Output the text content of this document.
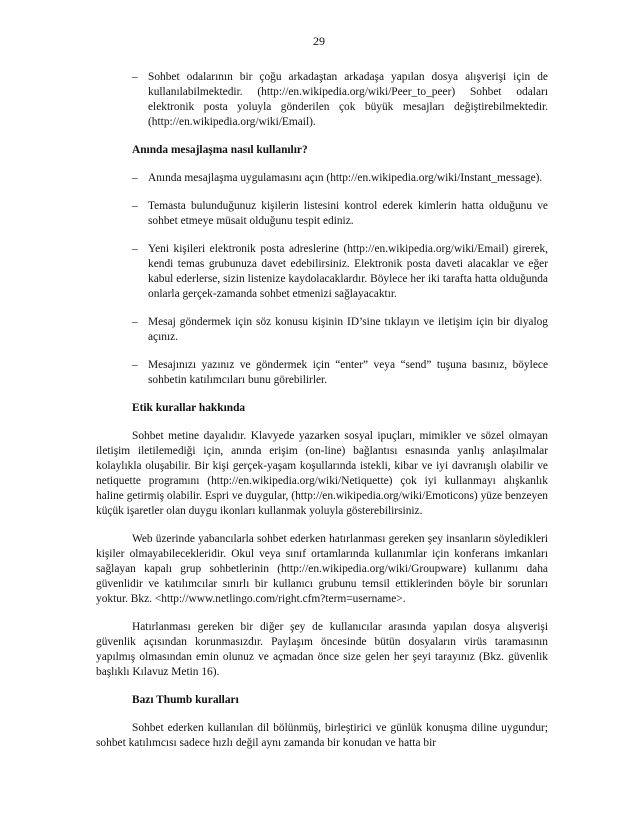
29
– Sohbet odalarının bir çoğu arkadaştan arkadaşa yapılan dosya alışverişi için de kullanılabilmektedir. (http://en.wikipedia.org/wiki/Peer_to_peer) Sohbet odaları elektronik posta yoluyla gönderilen çok büyük mesajları değiştirebilmektedir. (http://en.wikipedia.org/wiki/Email).
Anında mesajlaşma nasıl kullanılır?
– Anında mesajlaşma uygulamasını açın (http://en.wikipedia.org/wiki/Instant_message).
– Temasta bulunduğunuz kişilerin listesini kontrol ederek kimlerin hatta olduğunu ve sohbet etmeye müsait olduğunu tespit ediniz.
– Yeni kişileri elektronik posta adreslerine (http://en.wikipedia.org/wiki/Email) girerek, kendi temas grubunuza davet edebilirsiniz. Elektronik posta daveti alacaklar ve eğer kabul ederlerse, sizin listenize kaydolacaklardır. Böylece her iki tarafta hatta olduğunda onlarla gerçek-zamanda sohbet etmenizi sağlayacaktır.
– Mesaj göndermek için söz konusu kişinin ID’sine tıklayın ve iletişim için bir diyalog açınız.
– Mesajınızı yazınız ve göndermek için “enter” veya “send” tuşuna basınız, böylece sohbetin katılımcıları bunu görebilirler.
Etik kurallar hakkında

Sohbet metine dayalıdır. Klavyede yazarken sosyal ipuçları, mimikler ve sözel olmayan iletişim iletilemediği için, anında erişim (on-line) bağlantısı esnasında yanlış anlaşılmalar kolaylıkla oluşabilir. Bir kişi gerçek-yaşam koşullarında istekli, kibar ve iyi davranışlı olabilir ve netiquette programını (http://en.wikipedia.org/wiki/Netiquette) çok iyi kullanmayı alışkanlık haline getirmiş olabilir. Espri ve duygular, (http://en.wikipedia.org/wiki/Emoticons) yüze benzeyen küçük işaretler olan duygu ikonları kullanmak yoluyla gösterebilirsiniz.

Web üzerinde yabancılarla sohbet ederken hatırlanması gereken şey insanların söyledikleri kişiler olmayabilecekleridir. Okul veya sınıf ortamlarında kullanımlar için konferans imkanları sağlayan kapalı grup sohbetlerinin (http://en.wikipedia.org/wiki/Groupware) kullanımı daha güvenlidir ve katılımcılar sınırlı bir kullanıcı grubunu temsil ettiklerinden böyle bir sorunları yoktur. Bkz. <http://www.netlingo.com/right.cfm?term=username>.

Hatırlanması gereken bir diğer şey de kullanıcılar arasında yapılan dosya alışverişi güvenlik açısından korunmasızdır. Paylaşım öncesinde bütün dosyaların virüs taramasının yapılmış olmasından emin olunuz ve açmadan önce size gelen her şeyi tarayınız (Bkz. güvenlik başlıklı Kılavuz Metin 16).

Bazı Thumb kuralları

Sohbet ederken kullanılan dil bölünmüş, birleştirici ve günlük konuşma diline uygundur; sohbet katılımcısı sadece hızlı değil aynı zamanda bir konudan ve hatta bir
